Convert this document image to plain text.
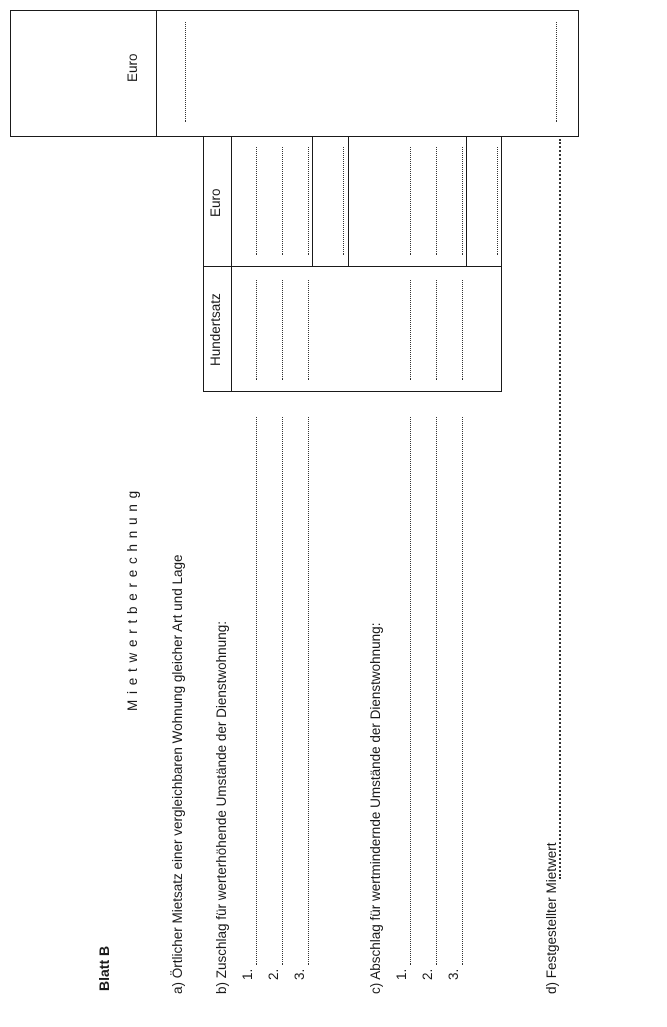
Blatt B
M i e t w e r t b e r e c h n u n g a) Örtlicher Mietsatz einer vergleichbaren Wohnung gleicher Art und Lage b) Zuschlag für werterhöhende Umstände der Dienstwohnung: 1. 2. 3.	c) Abschlag für wertmindernde Umstände der Dienstwohnung: 1. 2. 3.	d) Festgestellter Mietwert
Euro
Hundertsatz
Euro
